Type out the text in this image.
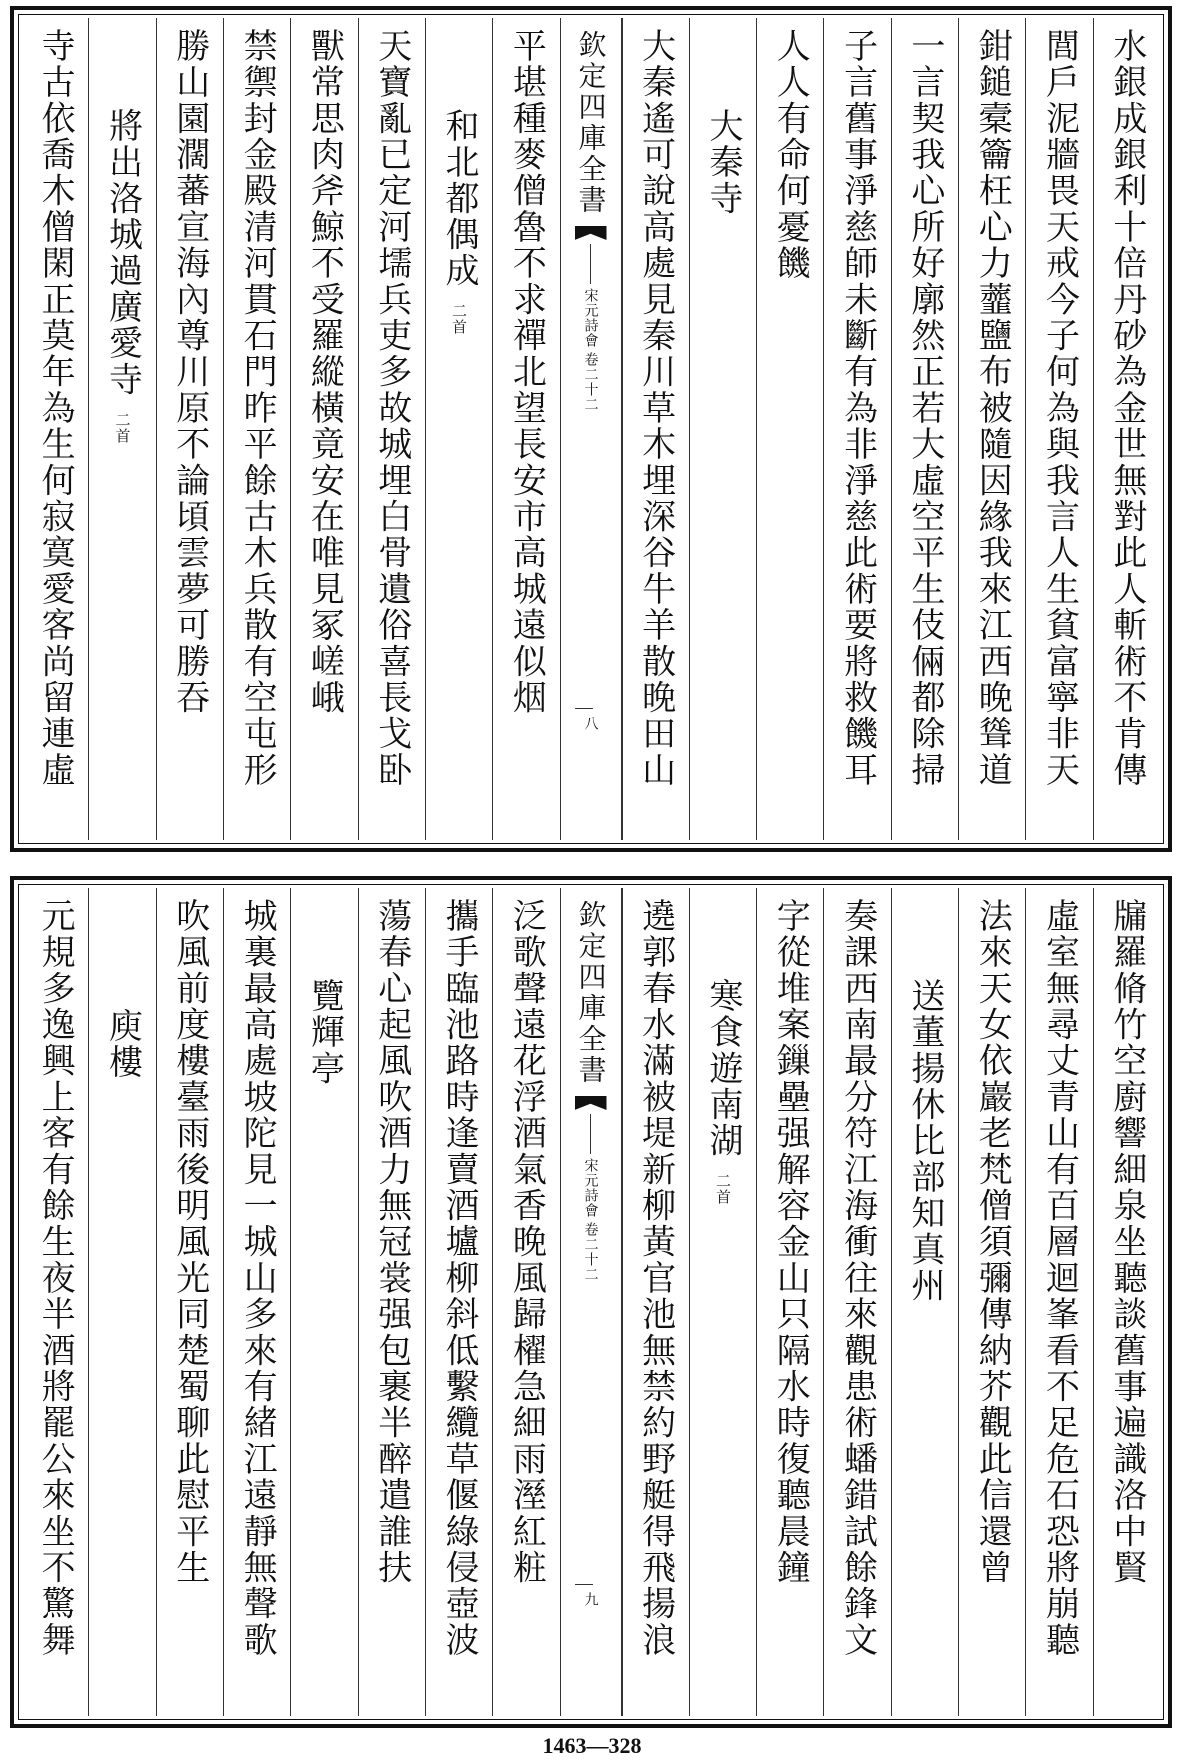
水銀成銀利十倍丹砂為金世無對此人斬術不肯傳
閭戶泥牆畏天戒今子何為與我言人生貧富寧非天
鉗鎚槖籥枉心力虀鹽布被隨因緣我來江西晚聳道
一言契我心所好廓然正若大虛空平生伎倆都除掃
子言舊事淨慈師未斷有為非淨慈此術要將救饑耳
人人有命何憂饑
大秦寺
大秦遙可說高處見秦川草木埋深谷牛羊散晚田山
欽定四庫全書
宋元詩會
卷二十二
八
平堪種麥僧魯不求禪北望長安市高城遠似烟
和北都偶成二首
天寶亂已定河壖兵吏多故城埋白骨遺俗喜長戈卧
獸常思肉斧鯨不受羅縱橫竟安在唯見冢嵯峨
禁禦封金殿清河貫石門昨平餘古木兵散有空屯形
勝山園濶蕃宣海內尊川原不論頃雲夢可勝吞
將出洛城過廣愛寺二首
寺古依喬木僧閑正莫年為生何寂寞愛客尚留連虛
牖羅脩竹空廚響細泉坐聽談舊事遍識洛中賢
虛室無尋丈青山有百層迴峯看不足危石恐將崩聽
法來天女依巖老梵僧須彌傳納芥觀此信還曾
送董揚休比部知真州
奏課西南最分符江海衝往來觀患術蟠錯試餘鋒文
字從堆案鏁壘强解容金山只隔水時復聽晨鐘
寒食遊南湖二首
遶郭春水滿被堤新柳黃官池無禁約野艇得飛揚浪
欽定四庫全書
宋元詩會
卷二十二
九
泛歌聲遠花浮酒氣香晚風歸櫂急細雨溼紅粧
攜手臨池路時逢賣酒壚柳斜低繫纜草偃綠侵壺波
蕩春心起風吹酒力無冠裳强包裹半醉遣誰扶
覽輝亭
城裏最高處坡陀見一城山多來有緒江遠靜無聲歌
吹風前度樓臺雨後明風光同楚蜀聊此慰平生
庾樓
元規多逸興上客有餘生夜半酒將罷公來坐不驚舞
1463—328
